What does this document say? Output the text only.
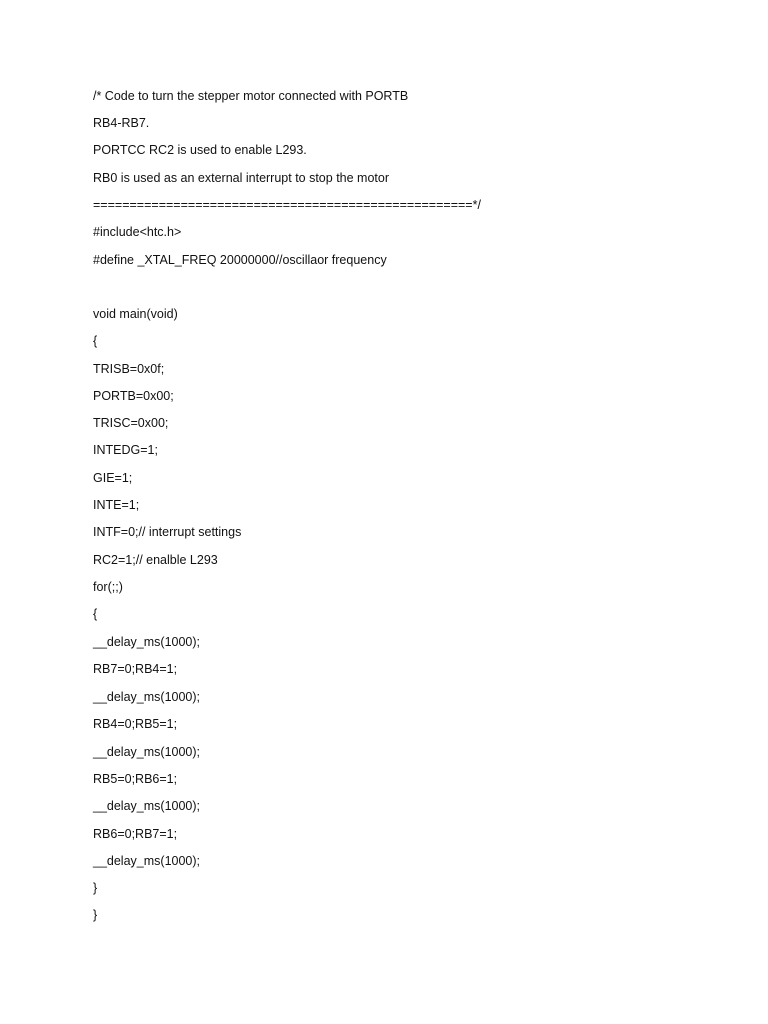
/* Code to turn the stepper motor connected with PORTB
RB4-RB7.
PORTCC RC2 is used to enable L293.
RB0 is used as an external interrupt to stop the motor
====================================================*/
#include<htc.h>
#define _XTAL_FREQ 20000000//oscillaor frequency
void main(void)
{
TRISB=0x0f;
PORTB=0x00;
TRISC=0x00;
INTEDG=1;
GIE=1;
INTE=1;
INTF=0;// interrupt settings
RC2=1;// enalble L293
for(;;)
{
__delay_ms(1000);
RB7=0;RB4=1;
__delay_ms(1000);
RB4=0;RB5=1;
__delay_ms(1000);
RB5=0;RB6=1;
__delay_ms(1000);
RB6=0;RB7=1;
__delay_ms(1000);
}
}
